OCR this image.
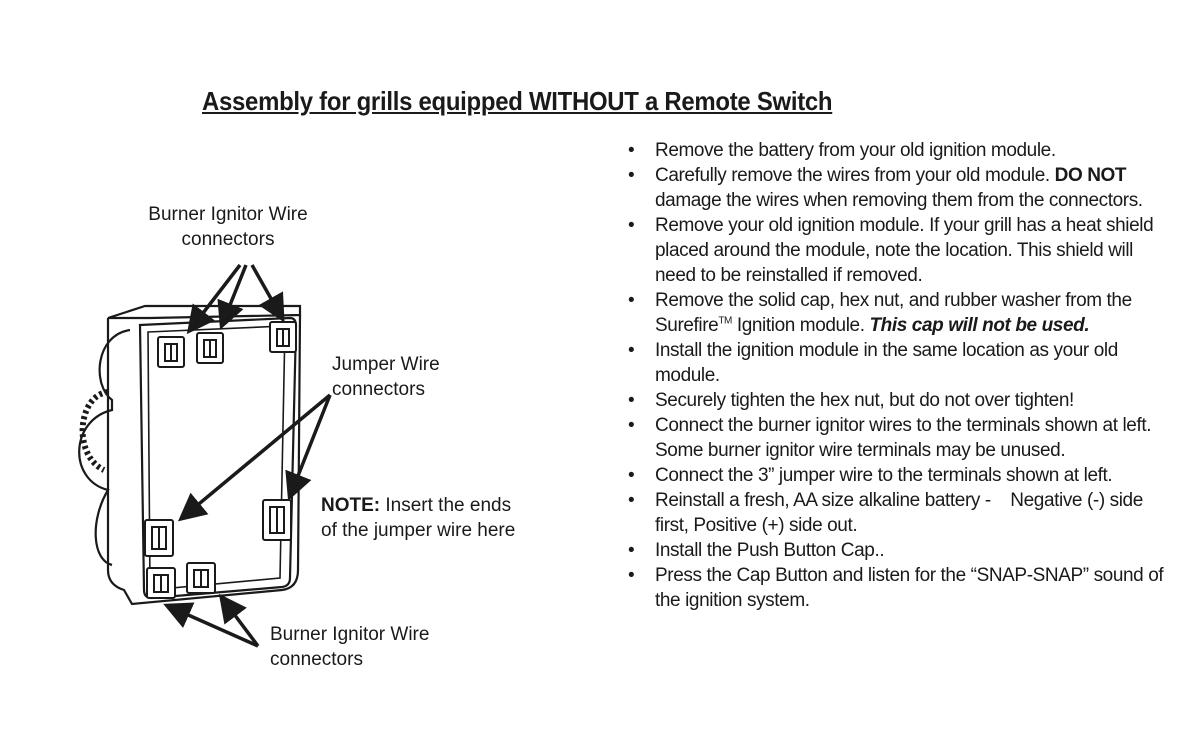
Assembly for grills equipped WITHOUT a Remote Switch
Burner Ignitor Wire
connectors
Jumper Wire
connectors
NOTE: Insert the ends of the jumper wire here
Burner Ignitor Wire
connectors
• Remove the battery from your old ignition module.
• Carefully remove the wires from your old module. DO NOT damage the wires when removing them from the connectors.
• Remove your old ignition module. If your grill has a heat shield placed around the module, note the location. This shield will need to be reinstalled if removed.
• Remove the solid cap, hex nut, and rubber washer from the Surefire™ Ignition module. This cap will not be used.
• Install the ignition module in the same location as your old module.
• Securely tighten the hex nut, but do not over tighten!
• Connect the burner ignitor wires to the terminals shown at left. Some burner ignitor wire terminals may be unused.
• Connect the 3” jumper wire to the terminals shown at left.
• Reinstall a fresh, AA size alkaline battery -    Negative (-) side first, Positive (+) side out.
• Install the Push Button Cap..
• Press the Cap Button and listen for the “SNAP-SNAP” sound of the ignition system.
